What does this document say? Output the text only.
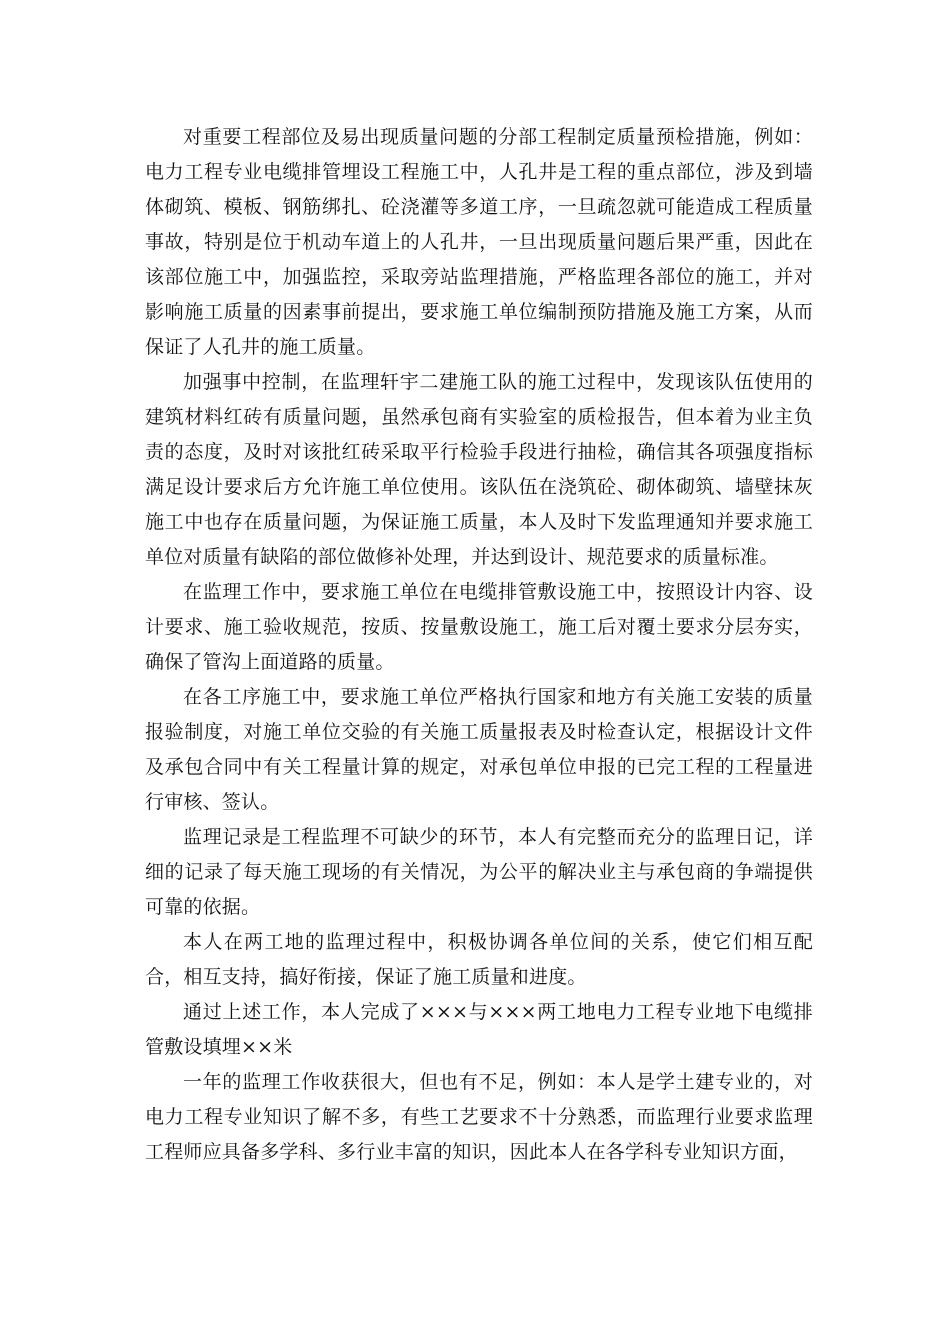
对重要工程部位及易出现质量问题的分部工程制定质量预检措施，例如：电力工程专业电缆排管埋设工程施工中，人孔井是工程的重点部位，涉及到墙体砌筑、模板、钢筋绑扎、砼浇灌等多道工序，一旦疏忽就可能造成工程质量事故，特别是位于机动车道上的人孔井，一旦出现质量问题后果严重，因此在该部位施工中，加强监控，采取旁站监理措施，严格监理各部位的施工，并对影响施工质量的因素事前提出，要求施工单位编制预防措施及施工方案，从而保证了人孔井的施工质量。

加强事中控制，在监理轩宇二建施工队的施工过程中，发现该队伍使用的建筑材料红砖有质量问题，虽然承包商有实验室的质检报告，但本着为业主负责的态度，及时对该批红砖采取平行检验手段进行抽检，确信其各项强度指标满足设计要求后方允许施工单位使用。该队伍在浇筑砼、砌体砌筑、墙壁抹灰施工中也存在质量问题，为保证施工质量，本人及时下发监理通知并要求施工单位对质量有缺陷的部位做修补处理，并达到设计、规范要求的质量标准。

在监理工作中，要求施工单位在电缆排管敷设施工中，按照设计内容、设计要求、施工验收规范，按质、按量敷设施工，施工后对覆土要求分层夯实，确保了管沟上面道路的质量。

在各工序施工中，要求施工单位严格执行国家和地方有关施工安装的质量报验制度，对施工单位交验的有关施工质量报表及时检查认定，根据设计文件及承包合同中有关工程量计算的规定，对承包单位申报的已完工程的工程量进行审核、签认。

监理记录是工程监理不可缺少的环节，本人有完整而充分的监理日记，详细的记录了每天施工现场的有关情况，为公平的解决业主与承包商的争端提供可靠的依据。

本人在两工地的监理过程中，积极协调各单位间的关系，使它们相互配合，相互支持，搞好衔接，保证了施工质量和进度。

通过上述工作，本人完成了×××与×××两工地电力工程专业地下电缆排管敷设填埋××米

一年的监理工作收获很大，但也有不足，例如：本人是学土建专业的，对电力工程专业知识了解不多，有些工艺要求不十分熟悉，而监理行业要求监理工程师应具备多学科、多行业丰富的知识，因此本人在各学科专业知识方面，
